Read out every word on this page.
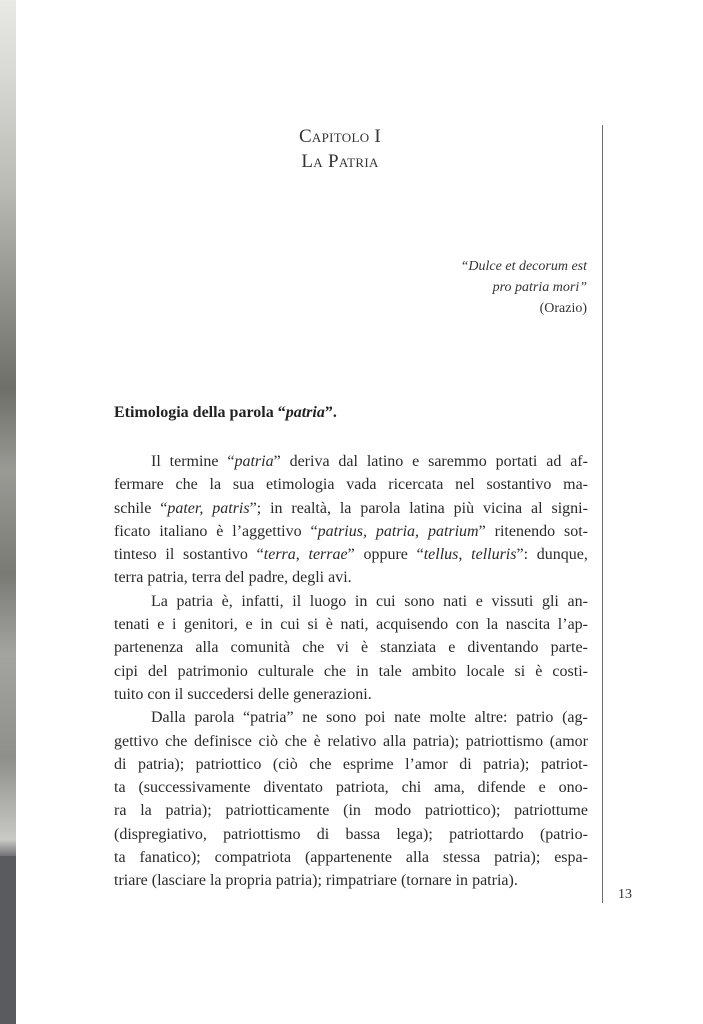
Capitolo I
La Patria
“Dulce et decorum est
pro patria mori”
(Orazio)
Etimologia della parola “patria”.
Il termine “patria” deriva dal latino e saremmo portati ad af-
fermare che la sua etimologia vada ricercata nel sostantivo ma-
schile “pater, patris”; in realtà, la parola latina più vicina al signi-
ficato italiano è l’aggettivo “patrius, patria, patrium” ritenendo sot-
tinteso il sostantivo “terra, terrae” oppure “tellus, telluris”: dunque,
terra patria, terra del padre, degli avi.
La patria è, infatti, il luogo in cui sono nati e vissuti gli an-
tenati e i genitori, e in cui si è nati, acquisendo con la nascita l’ap-
partenenza alla comunità che vi è stanziata e diventando parte-
cipi del patrimonio culturale che in tale ambito locale si è costi-
tuito con il succedersi delle generazioni.
Dalla parola “patria” ne sono poi nate molte altre: patrio (ag-
gettivo che definisce ciò che è relativo alla patria); patriottismo (amor
di patria); patriottico (ciò che esprime l’amor di patria); patriot-
ta (successivamente diventato patriota, chi ama, difende e ono-
ra la patria); patriotticamente (in modo patriottico); patriottume
(dispregiativo, patriottismo di bassa lega); patriottardo (patrio-
ta fanatico); compatriota (appartenente alla stessa patria); espa-
triare (lasciare la propria patria); rimpatriare (tornare in patria).
13
